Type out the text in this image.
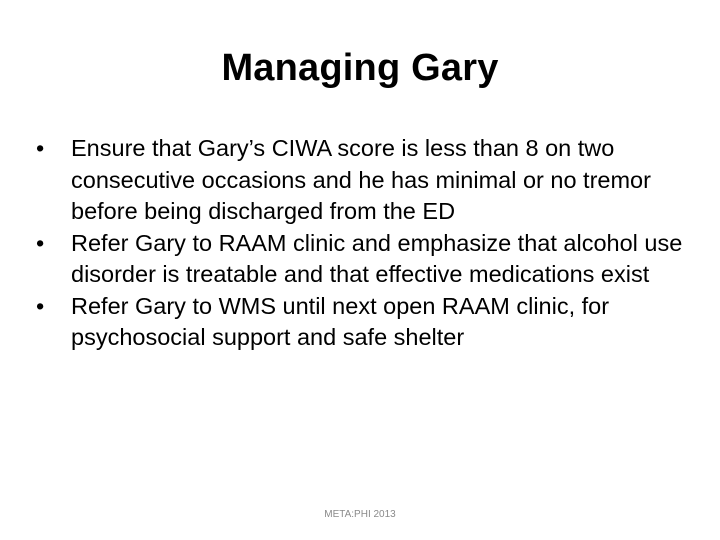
Managing Gary
•	Ensure that Gary’s CIWA score is less than 8 on two consecutive occasions and he has minimal or no tremor before being discharged from the ED
•	Refer Gary to RAAM clinic and emphasize that alcohol use disorder is treatable and that effective medications exist
•	Refer Gary to WMS until next open RAAM clinic, for psychosocial support and safe shelter
META:PHI 2013
